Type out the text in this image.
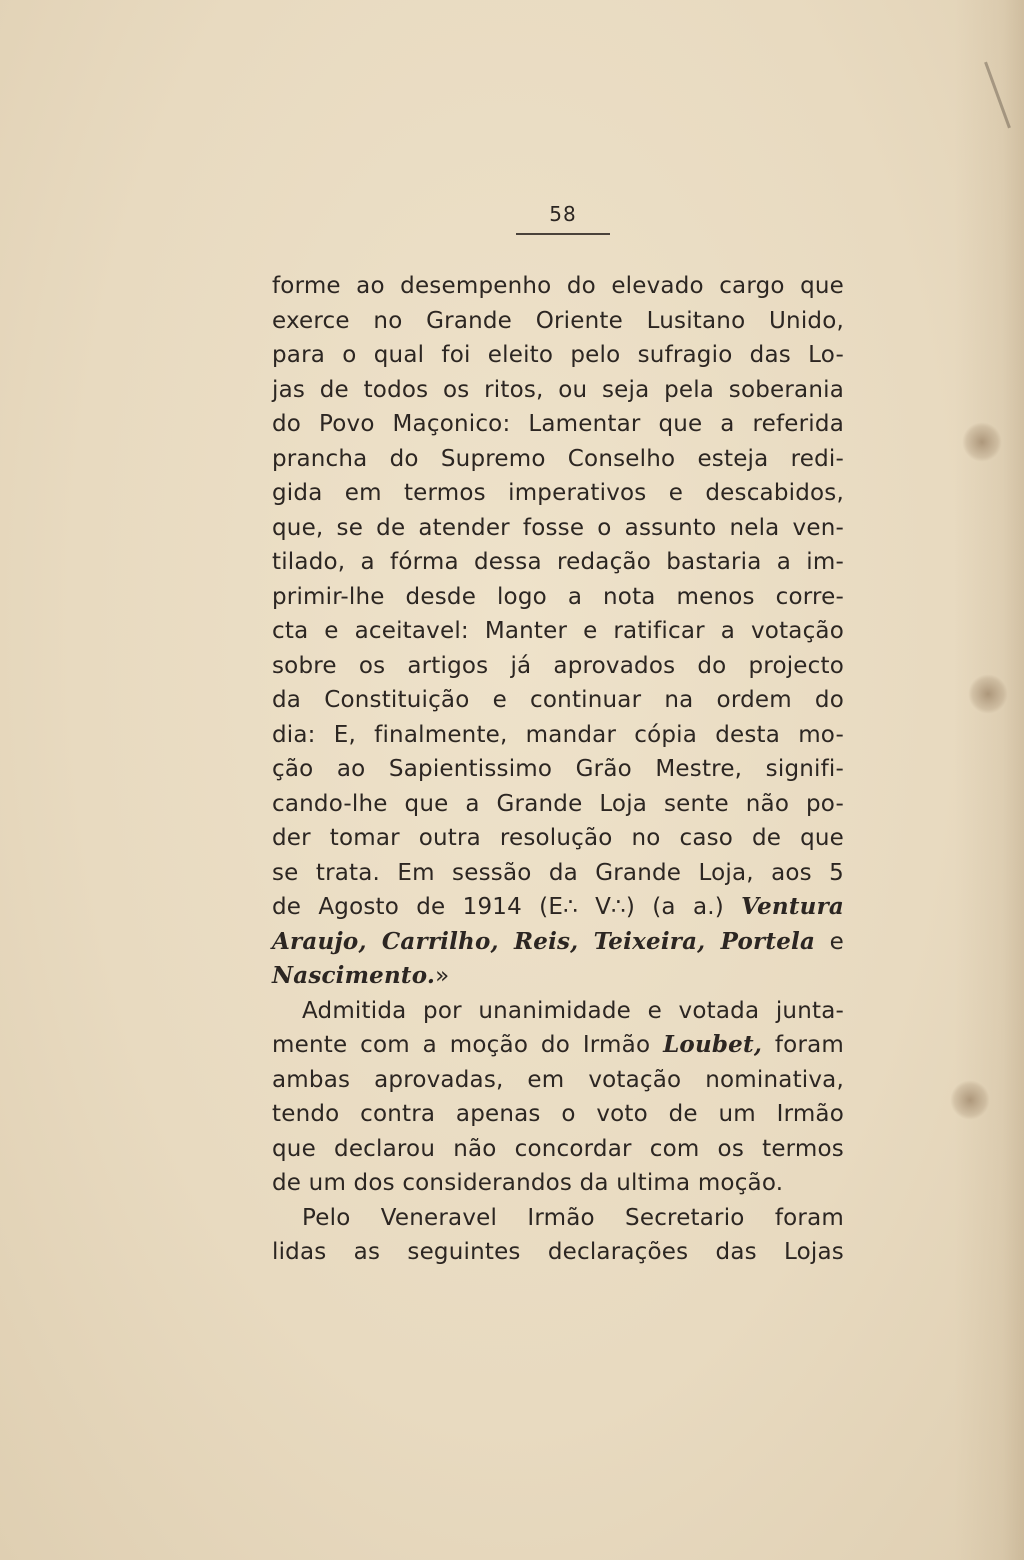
58
forme ao desempenho do elevado cargo que
exerce no Grande Oriente Lusitano Unido,
para o qual foi eleito pelo sufragio das Lo-
jas de todos os ritos, ou seja pela soberania
do Povo Maçonico: Lamentar que a referida
prancha do Supremo Conselho esteja redi-
gida em termos imperativos e descabidos,
que, se de atender fosse o assunto nela ven-
tilado, a fórma dessa redação bastaria a im-
primir-lhe desde logo a nota menos corre-
cta e aceitavel: Manter e ratificar a votação
sobre os artigos já aprovados do projecto
da Constituição e continuar na ordem do
dia: E, finalmente, mandar cópia desta mo-
ção ao Sapientissimo Grão Mestre, signifi-
cando-lhe que a Grande Loja sente não po-
der tomar outra resolução no caso de que
se trata. Em sessão da Grande Loja, aos 5
de Agosto de 1914 (E∴ V∴) (a a.) Ventura
Araujo, Carrilho, Reis, Teixeira, Portela e
Nascimento.»
Admitida por unanimidade e votada junta-
mente com a moção do Irmão Loubet, foram
ambas aprovadas, em votação nominativa,
tendo contra apenas o voto de um Irmão
que declarou não concordar com os termos
de um dos considerandos da ultima moção.
Pelo Veneravel Irmão Secretario foram
lidas as seguintes declarações das Lojas
